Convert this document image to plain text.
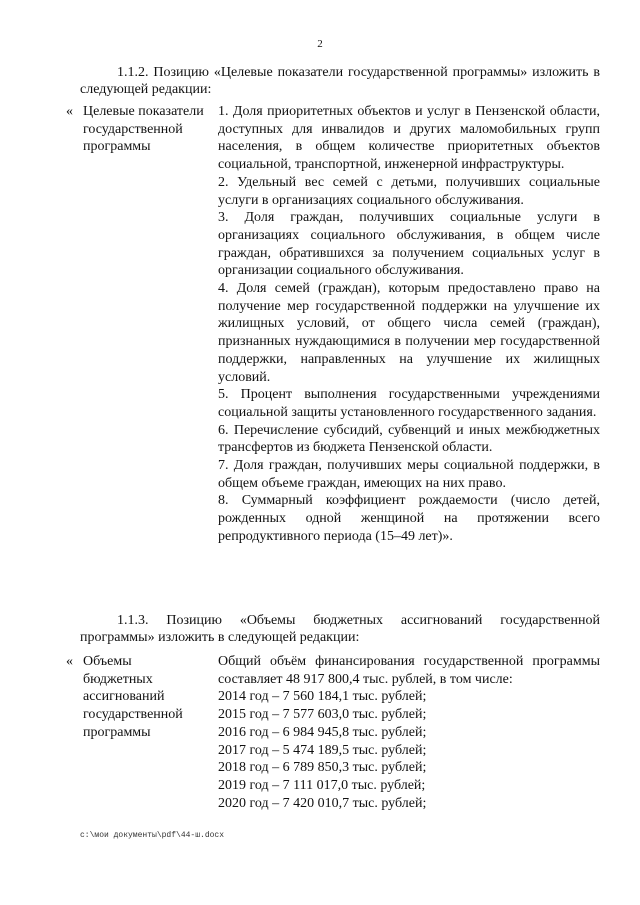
2

1.1.2. Позицию «Целевые показатели государственной программы» изложить в следующей редакции:

« Целевые показатели государственной программы

1. Доля приоритетных объектов и услуг в Пензенской области, доступных для инвалидов и других маломобильных групп населения, в общем количестве приоритетных объектов социальной, транспортной, инженерной инфраструктуры.

2. Удельный вес семей с детьми, получивших социальные услуги в организациях социального обслуживания.

3. Доля граждан, получивших социальные услуги в организациях социального обслуживания, в общем числе граждан, обратившихся за получением социальных услуг в организации социального обслуживания.

4. Доля семей (граждан), которым предоставлено право на получение мер государственной поддержки на улучшение их жилищных условий, от общего числа семей (граждан), признанных нуждающимися в получении мер государственной поддержки, направленных на улучшение их жилищных условий.

5. Процент выполнения государственными учреждениями социальной защиты установленного государственного задания.

6. Перечисление субсидий, субвенций и иных межбюджетных трансфертов из бюджета Пензенской области.

7. Доля граждан, получивших меры социальной поддержки, в общем объеме граждан, имеющих на них право.

8. Суммарный коэффициент рождаемости (число детей, рожденных одной женщиной на протяжении всего репродуктивного периода (15–49 лет)».

1.1.3. Позицию «Объемы бюджетных ассигнований государственной программы» изложить в следующей редакции:

« Объемы бюджетных ассигнований государственной программы

Общий объём финансирования государственной программы составляет 48 917 800,4 тыс. рублей, в том числе:

2014 год – 7 560 184,1 тыс. рублей;

2015 год – 7 577 603,0 тыс. рублей;

2016 год – 6 984 945,8 тыс. рублей;

2017 год – 5 474 189,5 тыс. рублей;

2018 год – 6 789 850,3 тыс. рублей;

2019 год – 7 111 017,0 тыс. рублей;

2020 год – 7 420 010,7 тыс. рублей;

c:\мои документы\pdf\44-ш.docx
